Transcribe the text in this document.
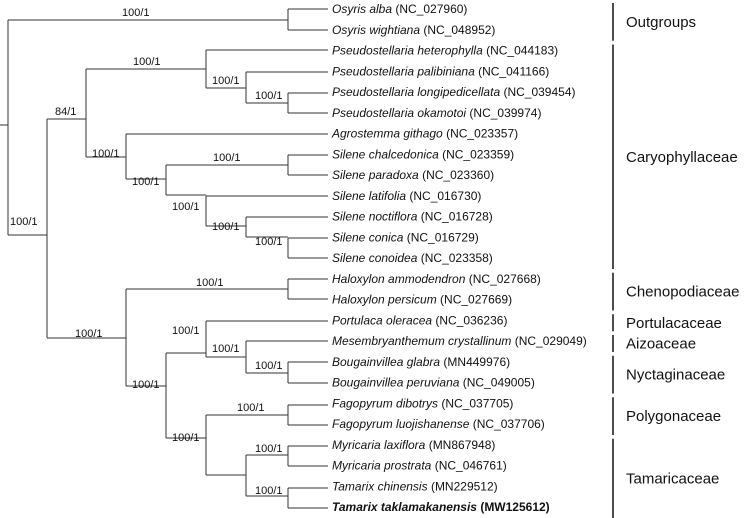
100/1
100/1
84/1
100/1
100/1
100/1
100/1
100/1
100/1
100/1
100/1
100/1
100/1
100/1
100/1
100/1
100/1
100/1
100/1
100/1
100/1
100/1
Osyris alba (NC_027960)
Osyris wightiana (NC_048952)
Pseudostellaria heterophylla (NC_044183)
Pseudostellaria palibiniana (NC_041166)
Pseudostellaria longipedicellata (NC_039454)
Pseudostellaria okamotoi (NC_039974)
Agrostemma githago (NC_023357)
Silene chalcedonica (NC_023359)
Silene paradoxa (NC_023360)
Silene latifolia (NC_016730)
Silene noctiflora (NC_016728)
Silene conica (NC_016729)
Silene conoidea (NC_023358)
Haloxylon ammodendron (NC_027668)
Haloxylon persicum (NC_027669)
Portulaca oleracea (NC_036236)
Mesembryanthemum crystallinum (NC_029049)
Bougainvillea glabra (MN449976)
Bougainvillea peruviana (NC_049005)
Fagopyrum dibotrys (NC_037705)
Fagopyrum luojishanense (NC_037706)
Myricaria laxiflora (MN867948)
Myricaria prostrata (NC_046761)
Tamarix chinensis (MN229512)
Tamarix taklamakanensis (MW125612)
Outgroups
Caryophyllaceae
Chenopodiaceae
Portulacaceae
Aizoaceae
Nyctaginaceae
Polygonaceae
Tamaricaceae
